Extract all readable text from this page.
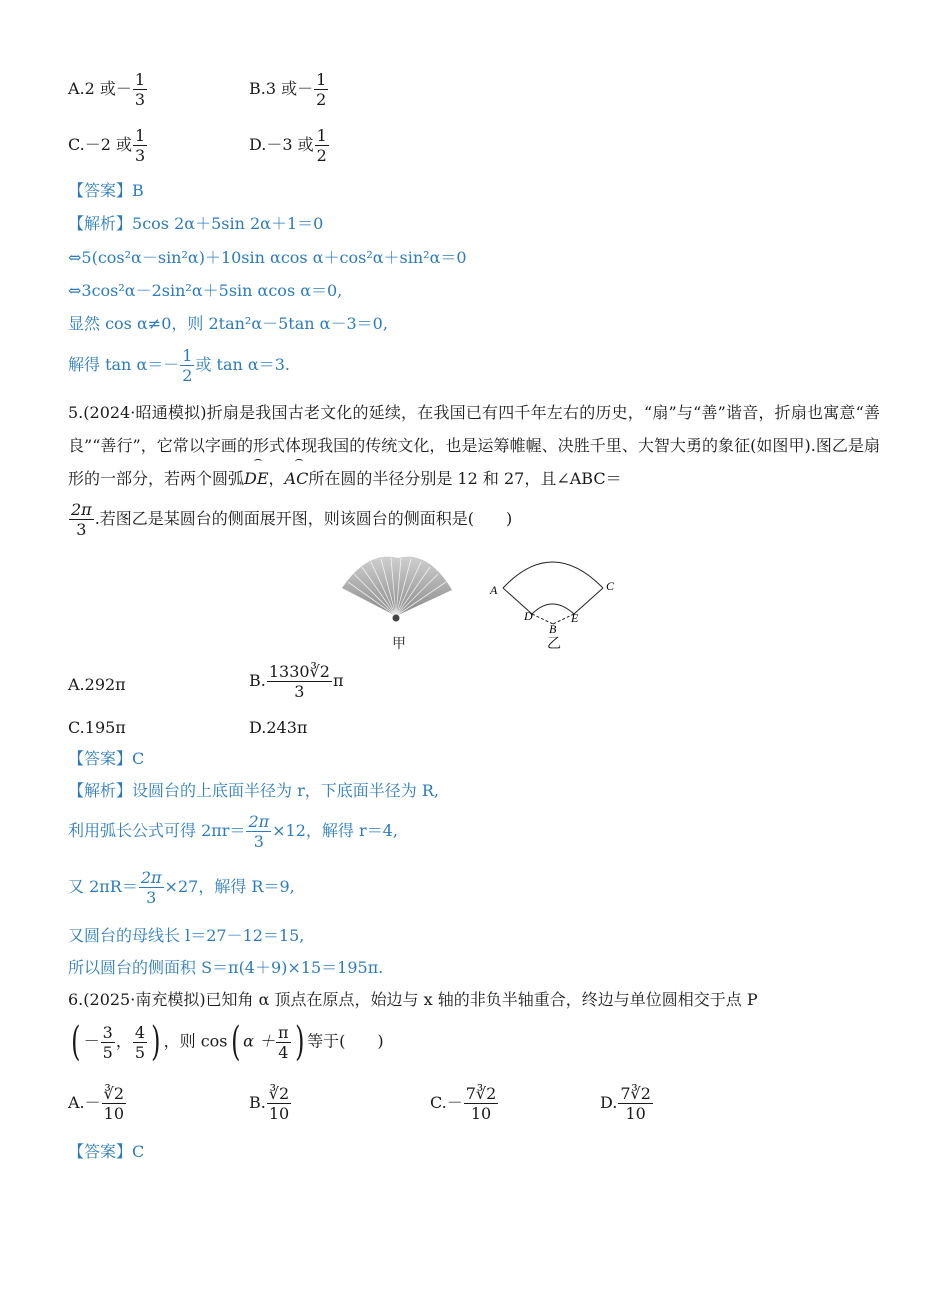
A.2 或－ $\frac{1}{3}$	B.3 或－ $\frac{1}{2}$
C.－2 或 $\frac{1}{3}$	D.－3 或 $\frac{1}{2}$
【答案】B
【解析】5cos 2α＋5sin 2α＋1＝0
⇔5(cos²α－sin²α)＋10sin αcos α＋cos²α＋sin²α＝0
⇔3cos²α－2sin²α＋5sin αcos α＝0,
显然 cos α≠0，则 2tan²α－5tan α－3＝0,
解得 $\tan \alpha=- \frac{1}{2}$ 或 tan α＝3.
5.(2024·昭通模拟)折扇是我国古老文化的延续，在我国已有四千年左右的历史，“扇”与“善”谐音，折扇也寓意“善良”“善行”，它常以字画的形式体现我国的传统文化，也是运筹帷幄、决胜千里、大智大勇的象征(如图甲).图乙是扇形的一部分，若两个圆弧DE，AC所在圆的半径分别是 12 和 27，且∠ABC＝
$\frac{2\pi}{3}$ .若图乙是某圆台的侧面展开图，则该圆台的侧面积是(　　)
甲
A	C
D	E
B
乙
A.292π	B. $\frac{1330∛2}{3}$ π
C.195π	D.243π
【答案】C
【解析】设圆台的上底面半径为 r，下底面半径为 R,
利用弧长公式可得 $2\pi r= \frac{2\pi}{3} \times 12$，解得 r＝4,
又 $2\pi R= \frac{2\pi}{3} \times 27$，解得 R＝9,
又圆台的母线长 l＝27－12＝15,
所以圆台的侧面积 S＝π(4＋9)×15＝195π.
6.(2025·南充模拟)已知角 α 顶点在原点，始边与 x 轴的非负半轴重合，终边与单位圆相交于点 P
( － $\frac{3}{5}$ ， $\frac{4}{5}$ ) ，则 cos( $\alpha + \frac{\pi}{4}$ ) 等于(　　)
$A.- \frac{∛2}{10}$	B. $\frac{∛2}{10}$	$C.- \frac{7∛2}{10}$	D. $\frac{7∛2}{10}$
【答案】C
